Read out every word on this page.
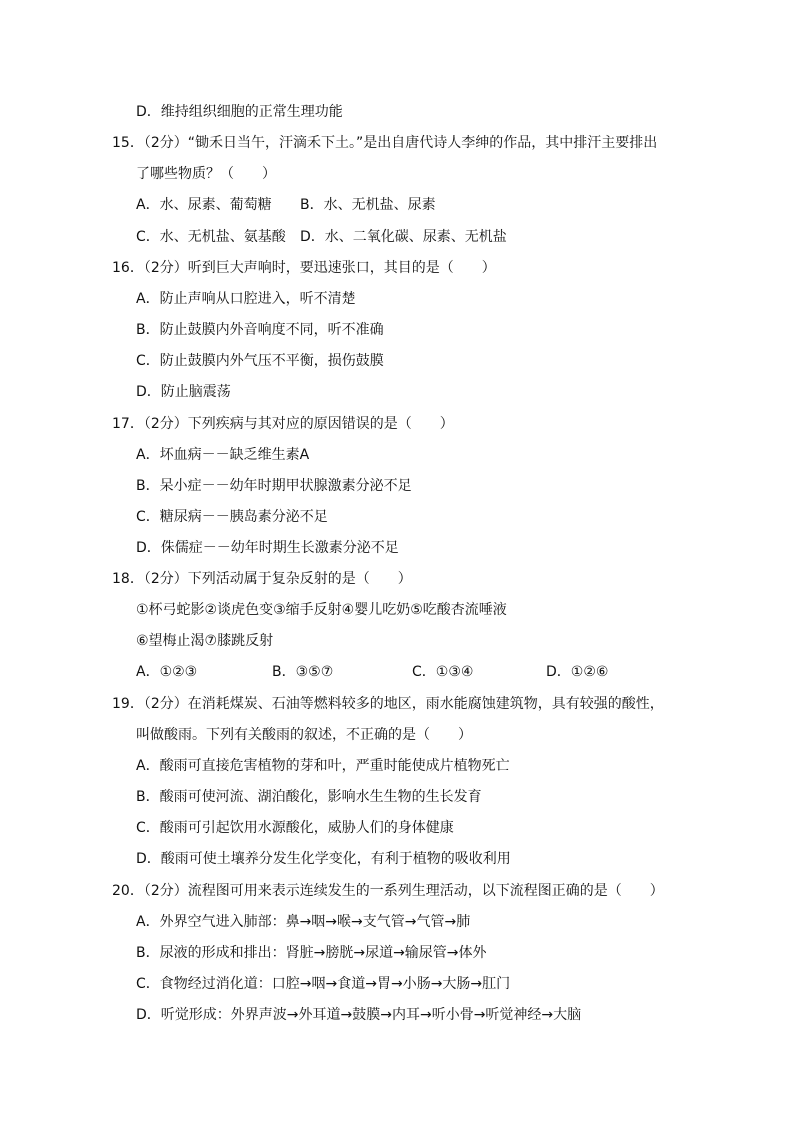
D．维持组织细胞的正常生理功能
15．（2分）“锄禾日当午，汗滴禾下土。”是出自唐代诗人李绅的作品，其中排汗主要排出
了哪些物质？（　　）
A．水、尿素、葡萄糖 B．水、无机盐、尿素
C．水、无机盐、氨基酸 D．水、二氧化碳、尿素、无机盐
16．（2分）听到巨大声响时，要迅速张口，其目的是（　　）
A．防止声响从口腔进入，听不清楚
B．防止鼓膜内外音响度不同，听不准确
C．防止鼓膜内外气压不平衡，损伤鼓膜
D．防止脑震荡
17．（2分）下列疾病与其对应的原因错误的是（　　）
A．坏血病－－缺乏维生素A
B．呆小症－－幼年时期甲状腺激素分泌不足
C．糖尿病－－胰岛素分泌不足
D．侏儒症－－幼年时期生长激素分泌不足
18．（2分）下列活动属于复杂反射的是（　　）
①杯弓蛇影②谈虎色变③缩手反射④婴儿吃奶⑤吃酸杏流唾液
⑥望梅止渴⑦膝跳反射
A．①②③	B．③⑤⑦	C．①③④	D．①②⑥
19．（2分）在消耗煤炭、石油等燃料较多的地区，雨水能腐蚀建筑物，具有较强的酸性，
叫做酸雨。下列有关酸雨的叙述，不正确的是（　　）
A．酸雨可直接危害植物的芽和叶，严重时能使成片植物死亡
B．酸雨可使河流、湖泊酸化，影响水生生物的生长发育
C．酸雨可引起饮用水源酸化，威胁人们的身体健康
D．酸雨可使土壤养分发生化学变化，有利于植物的吸收利用
20．（2分）流程图可用来表示连续发生的一系列生理活动，以下流程图正确的是（　　）
A．外界空气进入肺部：鼻→咽→喉→支气管→气管→肺
B．尿液的形成和排出：肾脏→膀胱→尿道→输尿管→体外
C．食物经过消化道：口腔→咽→食道→胃→小肠→大肠→肛门
D．听觉形成：外界声波→外耳道→鼓膜→内耳→听小骨→听觉神经→大脑
